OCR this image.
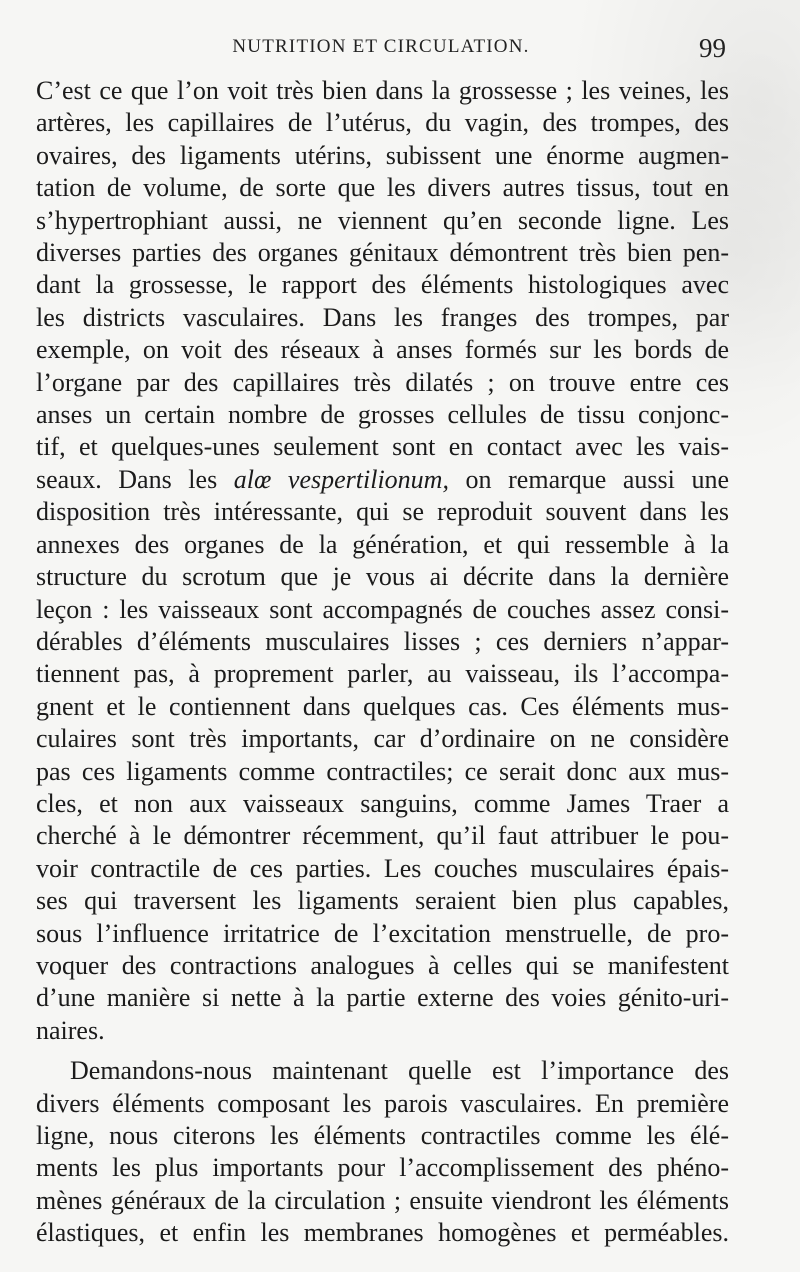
NUTRITION ET CIRCULATION.	99
C’est ce que l’on voit très bien dans la grossesse ; les veines, les
artères, les capillaires de l’utérus, du vagin, des trompes, des
ovaires, des ligaments utérins, subissent une énorme augmen-
tation de volume, de sorte que les divers autres tissus, tout en
s’hypertrophiant aussi, ne viennent qu’en seconde ligne. Les
diverses parties des organes génitaux démontrent très bien pen-
dant la grossesse, le rapport des éléments histologiques avec
les districts vasculaires. Dans les franges des trompes, par
exemple, on voit des réseaux à anses formés sur les bords de
l’organe par des capillaires très dilatés ; on trouve entre ces
anses un certain nombre de grosses cellules de tissu conjonc-
tif, et quelques-unes seulement sont en contact avec les vais-
seaux. Dans les alœ vespertilionum, on remarque aussi une
disposition très intéressante, qui se reproduit souvent dans les
annexes des organes de la génération, et qui ressemble à la
structure du scrotum que je vous ai décrite dans la dernière
leçon : les vaisseaux sont accompagnés de couches assez consi-
dérables d’éléments musculaires lisses ; ces derniers n’appar-
tiennent pas, à proprement parler, au vaisseau, ils l’accompa-
gnent et le contiennent dans quelques cas. Ces éléments mus-
culaires sont très importants, car d’ordinaire on ne considère
pas ces ligaments comme contractiles; ce serait donc aux mus-
cles, et non aux vaisseaux sanguins, comme James Traer a
cherché à le démontrer récemment, qu’il faut attribuer le pou-
voir contractile de ces parties. Les couches musculaires épais-
ses qui traversent les ligaments seraient bien plus capables,
sous l’influence irritatrice de l’excitation menstruelle, de pro-
voquer des contractions analogues à celles qui se manifestent
d’une manière si nette à la partie externe des voies génito-uri-
naires.
Demandons-nous maintenant quelle est l’importance des
divers éléments composant les parois vasculaires. En première
ligne, nous citerons les éléments contractiles comme les élé-
ments les plus importants pour l’accomplissement des phéno-
mènes généraux de la circulation ; ensuite viendront les éléments
élastiques, et enfin les membranes homogènes et perméables.
